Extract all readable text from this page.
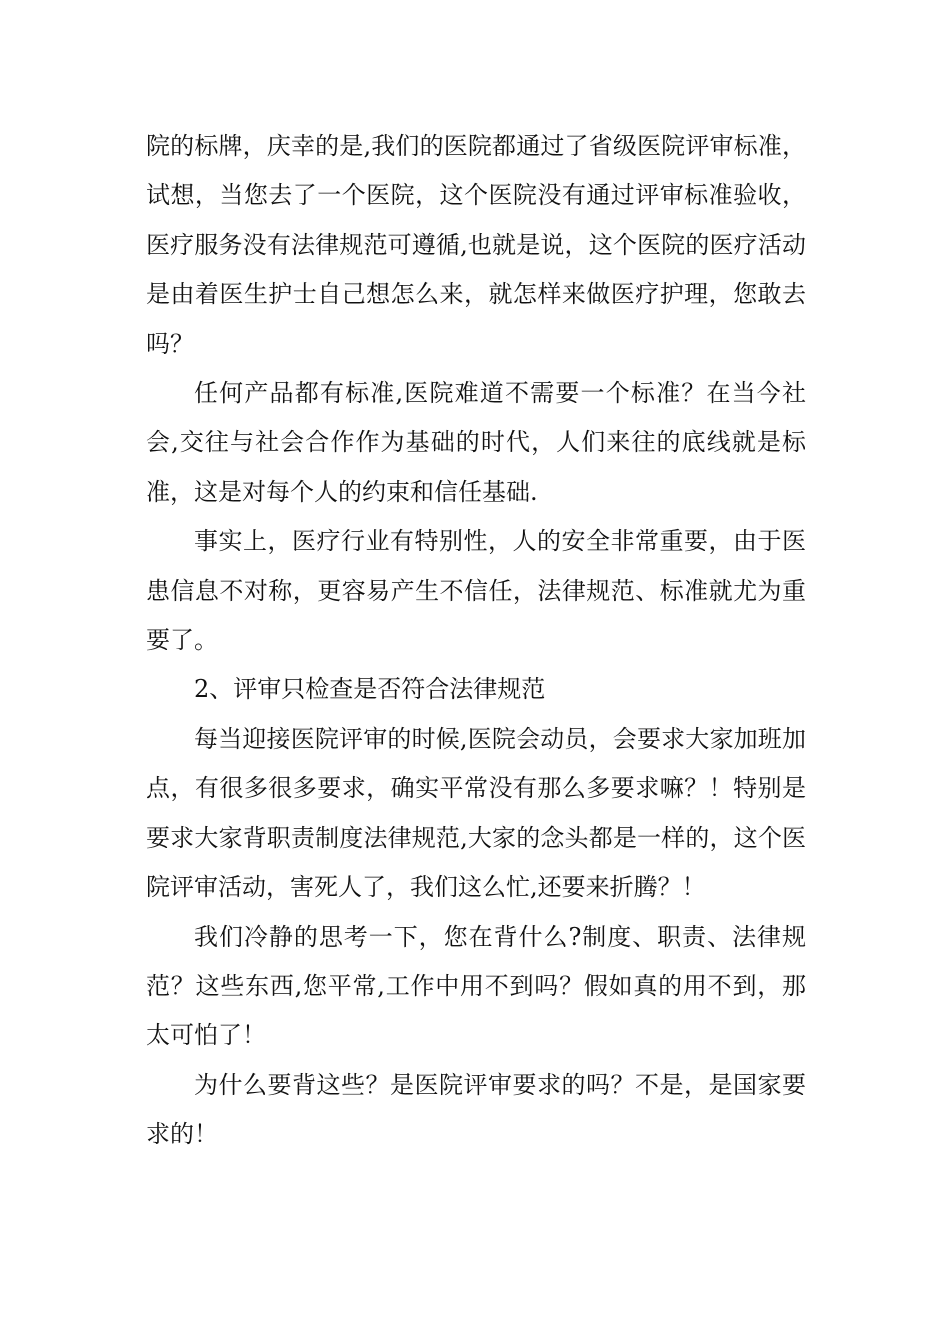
院的标牌，庆幸的是,我们的医院都通过了省级医院评审标准，试想，当您去了一个医院，这个医院没有通过评审标准验收，医疗服务没有法律规范可遵循,也就是说，这个医院的医疗活动是由着医生护士自己想怎么来，就怎样来做医疗护理，您敢去吗？

任何产品都有标准,医院难道不需要一个标准？在当今社会,交往与社会合作作为基础的时代，人们来往的底线就是标准，这是对每个人的约束和信任基础.

事实上，医疗行业有特别性，人的安全非常重要，由于医患信息不对称，更容易产生不信任，法律规范、标准就尤为重要了。

2、评审只检查是否符合法律规范

每当迎接医院评审的时候,医院会动员，会要求大家加班加点，有很多很多要求，确实平常没有那么多要求嘛？！特别是要求大家背职责制度法律规范,大家的念头都是一样的，这个医院评审活动，害死人了，我们这么忙,还要来折腾？！

我们冷静的思考一下，您在背什么?制度、职责、法律规范？这些东西,您平常,工作中用不到吗？假如真的用不到，那太可怕了！

为什么要背这些？是医院评审要求的吗？不是，是国家要求的！
